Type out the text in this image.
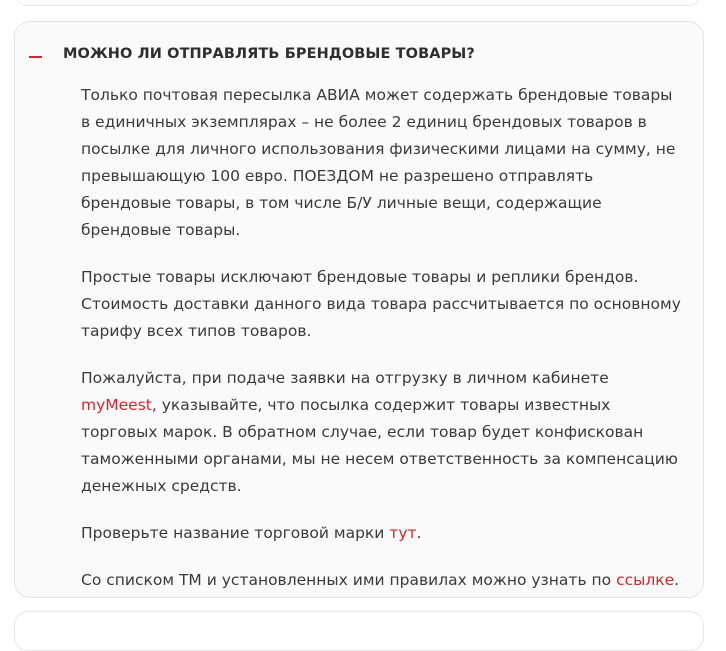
МОЖНО ЛИ ОТПРАВЛЯТЬ БРЕНДОВЫЕ ТОВАРЫ?

Только почтовая пересылка АВИА может содержать брендовые товары в единичных экземплярах – не более 2 единиц брендовых товаров в посылке для личного использования физическими лицами на сумму, не превышающую 100 евро. ПОЕЗДОМ не разрешено отправлять брендовые товары, в том числе Б/У личные вещи, содержащие брендовые товары.

Простые товары исключают брендовые товары и реплики брендов. Стоимость доставки данного вида товара рассчитывается по основному тарифу всех типов товаров.

Пожалуйста, при подаче заявки на отгрузку в личном кабинете myMeest, указывайте, что посылка содержит товары известных торговых марок. В обратном случае, если товар будет конфискован таможенными органами, мы не несем ответственность за компенсацию денежных средств.

Проверьте название торговой марки тут.

Со списком ТМ и установленных ими правилах можно узнать по ссылке.
